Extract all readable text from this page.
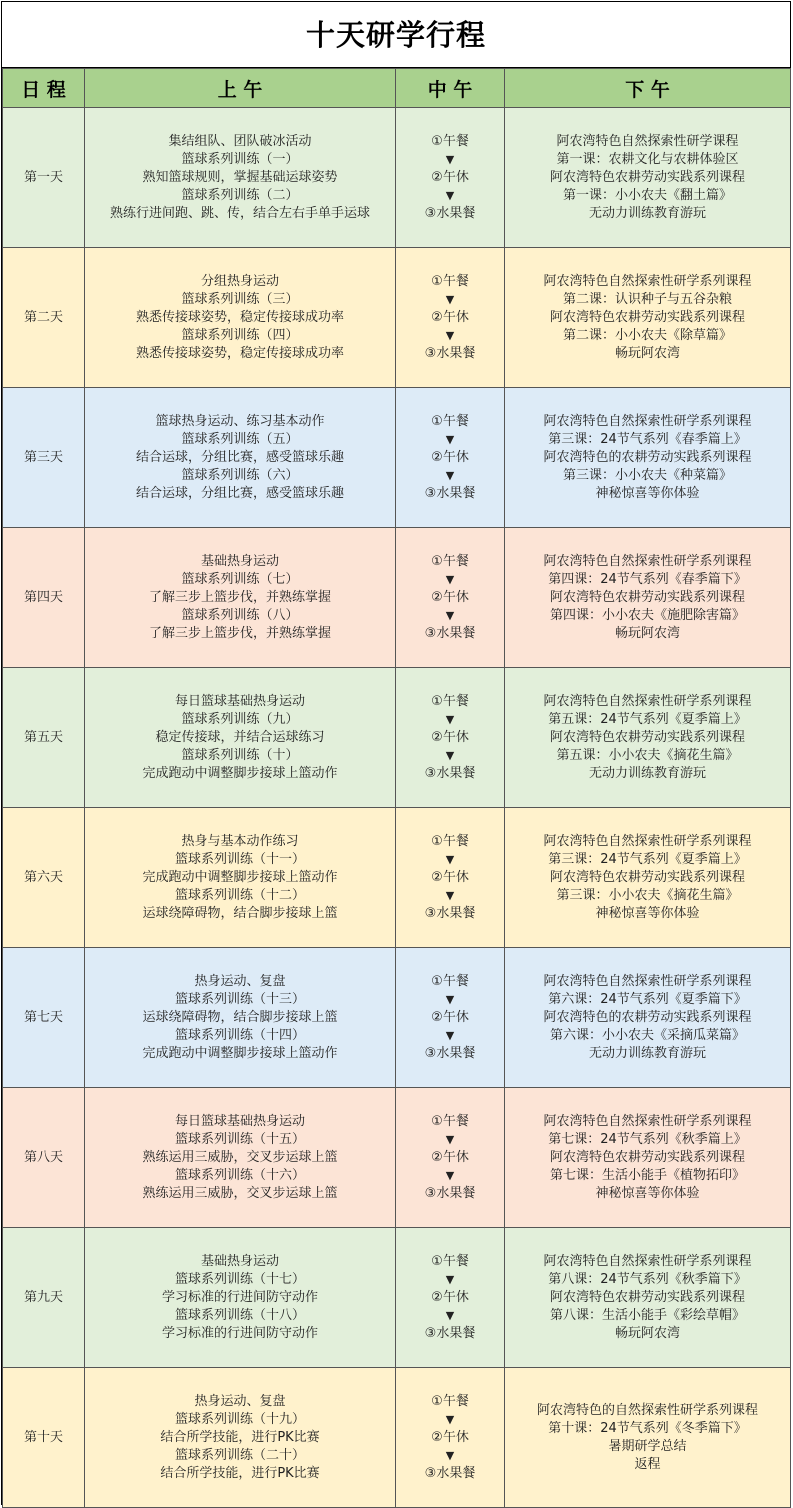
十天研学行程
日 程	上 午	中 午	下 午
第一天	集结组队、团队破冰活动
篮球系列训练（一）
熟知篮球规则，掌握基础运球姿势
篮球系列训练（二）
熟练行进间跑、跳、传，结合左右手单手运球	①午餐
▼
②午休
▼
③水果餐	阿农湾特色自然探索性研学课程
第一课：农耕文化与农耕体验区
阿农湾特色农耕劳动实践系列课程
第一课：小小农夫《翻土篇》
无动力训练教育游玩

第二天	分组热身运动
篮球系列训练（三）
熟悉传接球姿势，稳定传接球成功率
篮球系列训练（四）
熟悉传接球姿势，稳定传接球成功率	①午餐
▼
②午休
▼
③水果餐	阿农湾特色自然探索性研学系列课程
第二课：认识种子与五谷杂粮
阿农湾特色农耕劳动实践系列课程
第二课：小小农夫《除草篇》
畅玩阿农湾

第三天	篮球热身运动、练习基本动作
篮球系列训练（五）
结合运球，分组比赛，感受篮球乐趣
篮球系列训练（六）
结合运球，分组比赛，感受篮球乐趣	①午餐
▼
②午休
▼
③水果餐	阿农湾特色自然探索性研学系列课程
第三课：24节气系列《春季篇上》
阿农湾特色的农耕劳动实践系列课程
第三课：小小农夫《种菜篇》
神秘惊喜等你体验

第四天	基础热身运动
篮球系列训练（七）
了解三步上篮步伐，并熟练掌握
篮球系列训练（八）
了解三步上篮步伐，并熟练掌握	①午餐
▼
②午休
▼
③水果餐	阿农湾特色自然探索性研学系列课程
第四课：24节气系列《春季篇下》
阿农湾特色农耕劳动实践系列课程
第四课：小小农夫《施肥除害篇》
畅玩阿农湾

第五天	每日篮球基础热身运动
篮球系列训练（九）
稳定传接球，并结合运球练习
篮球系列训练（十）
完成跑动中调整脚步接球上篮动作	①午餐
▼
②午休
▼
③水果餐	阿农湾特色自然探索性研学系列课程
第五课：24节气系列《夏季篇上》
阿农湾特色农耕劳动实践系列课程
第五课：小小农夫《摘花生篇》
无动力训练教育游玩

第六天	热身与基本动作练习
篮球系列训练（十一）
完成跑动中调整脚步接球上篮动作
篮球系列训练（十二）
运球绕障碍物，结合脚步接球上篮	①午餐
▼
②午休
▼
③水果餐	阿农湾特色自然探索性研学系列课程
第三课：24节气系列《夏季篇上》
阿农湾特色农耕劳动实践系列课程
第三课：小小农夫《摘花生篇》
神秘惊喜等你体验

第七天	热身运动、复盘
篮球系列训练（十三）
运球绕障碍物，结合脚步接球上篮
篮球系列训练（十四）
完成跑动中调整脚步接球上篮动作	①午餐
▼
②午休
▼
③水果餐	阿农湾特色自然探索性研学系列课程
第六课：24节气系列《夏季篇下》
阿农湾特色的农耕劳动实践系列课程
第六课：小小农夫《采摘瓜菜篇》
无动力训练教育游玩

第八天	每日篮球基础热身运动
篮球系列训练（十五）
熟练运用三威胁，交叉步运球上篮
篮球系列训练（十六）
熟练运用三威胁，交叉步运球上篮	①午餐
▼
②午休
▼
③水果餐	阿农湾特色自然探索性研学系列课程
第七课：24节气系列《秋季篇上》
阿农湾特色农耕劳动实践系列课程
第七课：生活小能手《植物拓印》
神秘惊喜等你体验

第九天	基础热身运动
篮球系列训练（十七）
学习标准的行进间防守动作
篮球系列训练（十八）
学习标准的行进间防守动作	①午餐
▼
②午休
▼
③水果餐	阿农湾特色自然探索性研学系列课程
第八课：24节气系列《秋季篇下》
阿农湾特色农耕劳动实践系列课程
第八课：生活小能手《彩绘草帽》
畅玩阿农湾

第十天	热身运动、复盘
篮球系列训练（十九）
结合所学技能，进行PK比赛
篮球系列训练（二十）
结合所学技能，进行PK比赛	①午餐
▼
②午休
▼
③水果餐	阿农湾特色的自然探索性研学系列课程
第十课：24节气系列《冬季篇下》
暑期研学总结
返程
